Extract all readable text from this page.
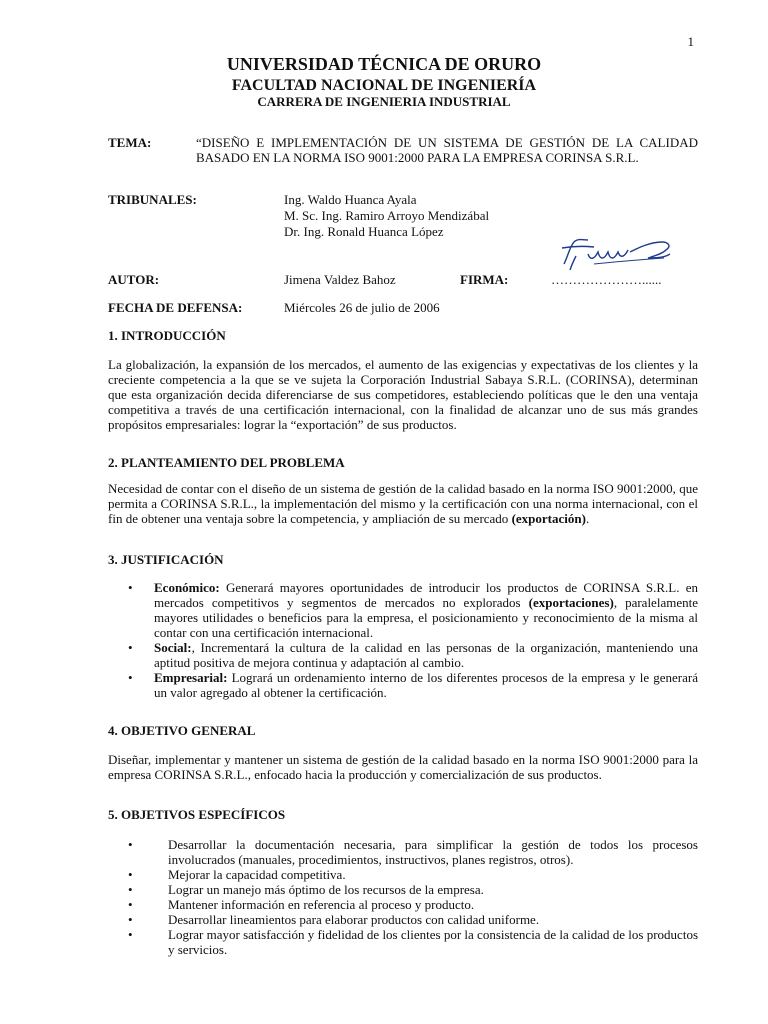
1
UNIVERSIDAD TÉCNICA DE ORURO
FACULTAD NACIONAL DE INGENIERÍA
CARRERA DE INGENIERIA INDUSTRIAL
TEMA:	“DISEÑO E IMPLEMENTACIÓN DE UN SISTEMA DE GESTIÓN DE LA CALIDAD BASADO EN LA NORMA ISO 9001:2000 PARA LA EMPRESA CORINSA S.R.L.
TRIBUNALES:	Ing. Waldo Huanca Ayala
M. Sc. Ing. Ramiro Arroyo Mendizábal
Dr. Ing. Ronald Huanca López
AUTOR:	Jimena Valdez Bahoz	FIRMA:	…………………......
FECHA DE DEFENSA:	Miércoles 26 de julio de 2006
1. INTRODUCCIÓN
La globalización, la expansión de los mercados, el aumento de las exigencias y expectativas de los clientes y la creciente competencia a la que se ve sujeta la Corporación Industrial Sabaya S.R.L. (CORINSA), determinan que esta organización decida diferenciarse de sus competidores, estableciendo políticas que le den una ventaja competitiva a través de una certificación internacional, con la finalidad de alcanzar uno de sus más grandes propósitos empresariales: lograr la “exportación” de sus productos.
2. PLANTEAMIENTO DEL PROBLEMA
Necesidad de contar con el diseño de un sistema de gestión de la calidad basado en la norma ISO 9001:2000, que permita a CORINSA S.R.L., la implementación del mismo y la certificación con una norma internacional, con el fin de obtener una ventaja sobre la competencia, y ampliación de su mercado (exportación).
3. JUSTIFICACIÓN
• Económico: Generará mayores oportunidades de introducir los productos de CORINSA S.R.L. en mercados competitivos y segmentos de mercados no explorados (exportaciones), paralelamente mayores utilidades o beneficios para la empresa, el posicionamiento y reconocimiento de la misma al contar con una certificación internacional.
• Social:, Incrementará la cultura de la calidad en las personas de la organización, manteniendo una aptitud positiva de mejora continua y adaptación al cambio.
• Empresarial: Logrará un ordenamiento interno de los diferentes procesos de la empresa y le generará un valor agregado al obtener la certificación.
4. OBJETIVO GENERAL
Diseñar, implementar y mantener un sistema de gestión de la calidad basado en la norma ISO 9001:2000 para la empresa CORINSA S.R.L., enfocado hacia la producción y comercialización de sus productos.
5. OBJETIVOS ESPECÍFICOS
•	Desarrollar la documentación necesaria, para simplificar la gestión de todos los procesos involucrados (manuales, procedimientos, instructivos, planes registros, otros).
•	Mejorar la capacidad competitiva.
•	Lograr un manejo más óptimo de los recursos de la empresa.
•	Mantener información en referencia al proceso y producto.
•	Desarrollar lineamientos para elaborar productos con calidad uniforme.
•	Lograr mayor satisfacción y fidelidad de los clientes por la consistencia de la calidad de los productos y servicios.
